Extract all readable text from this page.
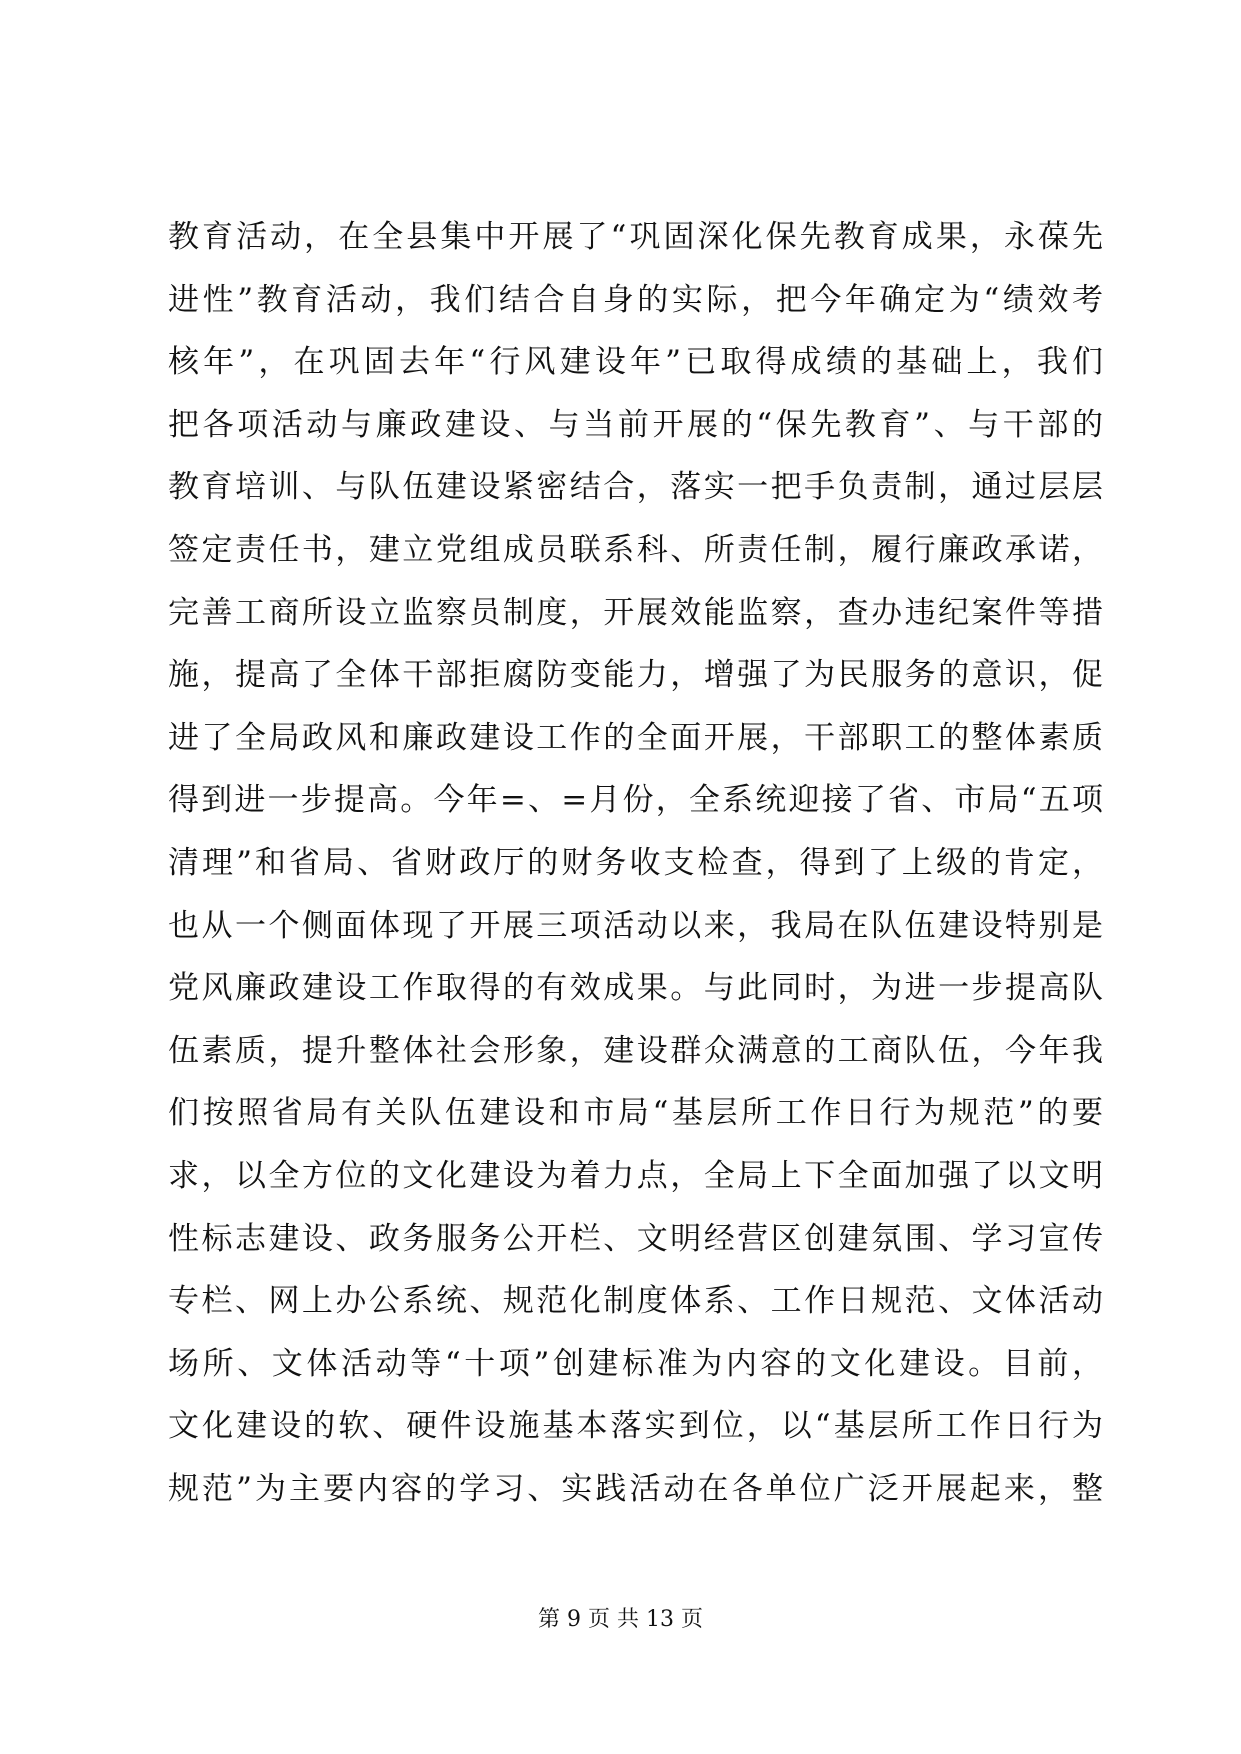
教育活动，在全县集中开展了“巩固深化保先教育成果，永葆先
进性”教育活动，我们结合自身的实际，把今年确定为“绩效考
核年”，在巩固去年“行风建设年”已取得成绩的基础上，我们
把各项活动与廉政建设、与当前开展的“保先教育”、与干部的
教育培训、与队伍建设紧密结合，落实一把手负责制，通过层层
签定责任书，建立党组成员联系科、所责任制，履行廉政承诺，
完善工商所设立监察员制度，开展效能监察，查办违纪案件等措
施，提高了全体干部拒腐防变能力，增强了为民服务的意识，促
进了全局政风和廉政建设工作的全面开展，干部职工的整体素质
得到进一步提高。今年=、=月份，全系统迎接了省、市局“五项
清理”和省局、省财政厅的财务收支检查，得到了上级的肯定，
也从一个侧面体现了开展三项活动以来，我局在队伍建设特别是
党风廉政建设工作取得的有效成果。与此同时，为进一步提高队
伍素质，提升整体社会形象，建设群众满意的工商队伍，今年我
们按照省局有关队伍建设和市局“基层所工作日行为规范”的要
求，以全方位的文化建设为着力点，全局上下全面加强了以文明
性标志建设、政务服务公开栏、文明经营区创建氛围、学习宣传
专栏、网上办公系统、规范化制度体系、工作日规范、文体活动
场所、文体活动等“十项”创建标准为内容的文化建设。目前，
文化建设的软、硬件设施基本落实到位，以“基层所工作日行为
规范”为主要内容的学习、实践活动在各单位广泛开展起来，整
第 9 页 共 13 页
